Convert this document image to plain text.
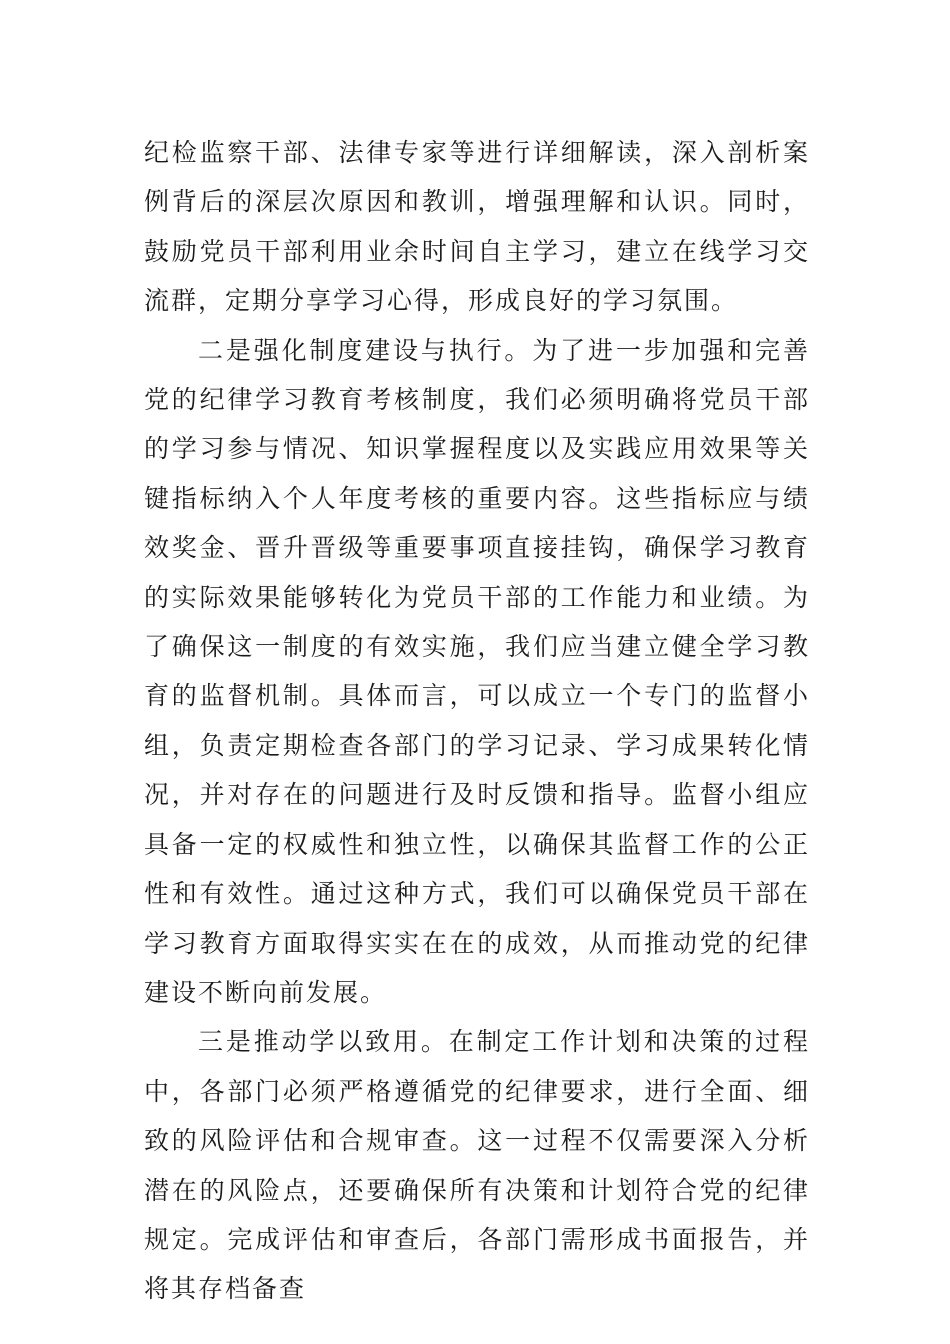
纪检监察干部、法律专家等进行详细解读，深入剖析案例背后的深层次原因和教训，增强理解和认识。同时，鼓励党员干部利用业余时间自主学习，建立在线学习交流群，定期分享学习心得，形成良好的学习氛围。

二是强化制度建设与执行。为了进一步加强和完善党的纪律学习教育考核制度，我们必须明确将党员干部的学习参与情况、知识掌握程度以及实践应用效果等关键指标纳入个人年度考核的重要内容。这些指标应与绩效奖金、晋升晋级等重要事项直接挂钩，确保学习教育的实际效果能够转化为党员干部的工作能力和业绩。为了确保这一制度的有效实施，我们应当建立健全学习教育的监督机制。具体而言，可以成立一个专门的监督小组，负责定期检查各部门的学习记录、学习成果转化情况，并对存在的问题进行及时反馈和指导。监督小组应具备一定的权威性和独立性，以确保其监督工作的公正性和有效性。通过这种方式，我们可以确保党员干部在学习教育方面取得实实在在的成效，从而推动党的纪律建设不断向前发展。

三是推动学以致用。在制定工作计划和决策的过程中，各部门必须严格遵循党的纪律要求，进行全面、细致的风险评估和合规审查。这一过程不仅需要深入分析潜在的风险点，还要确保所有决策和计划符合党的纪律规定。完成评估和审查后，各部门需形成书面报告，并将其存档备查
